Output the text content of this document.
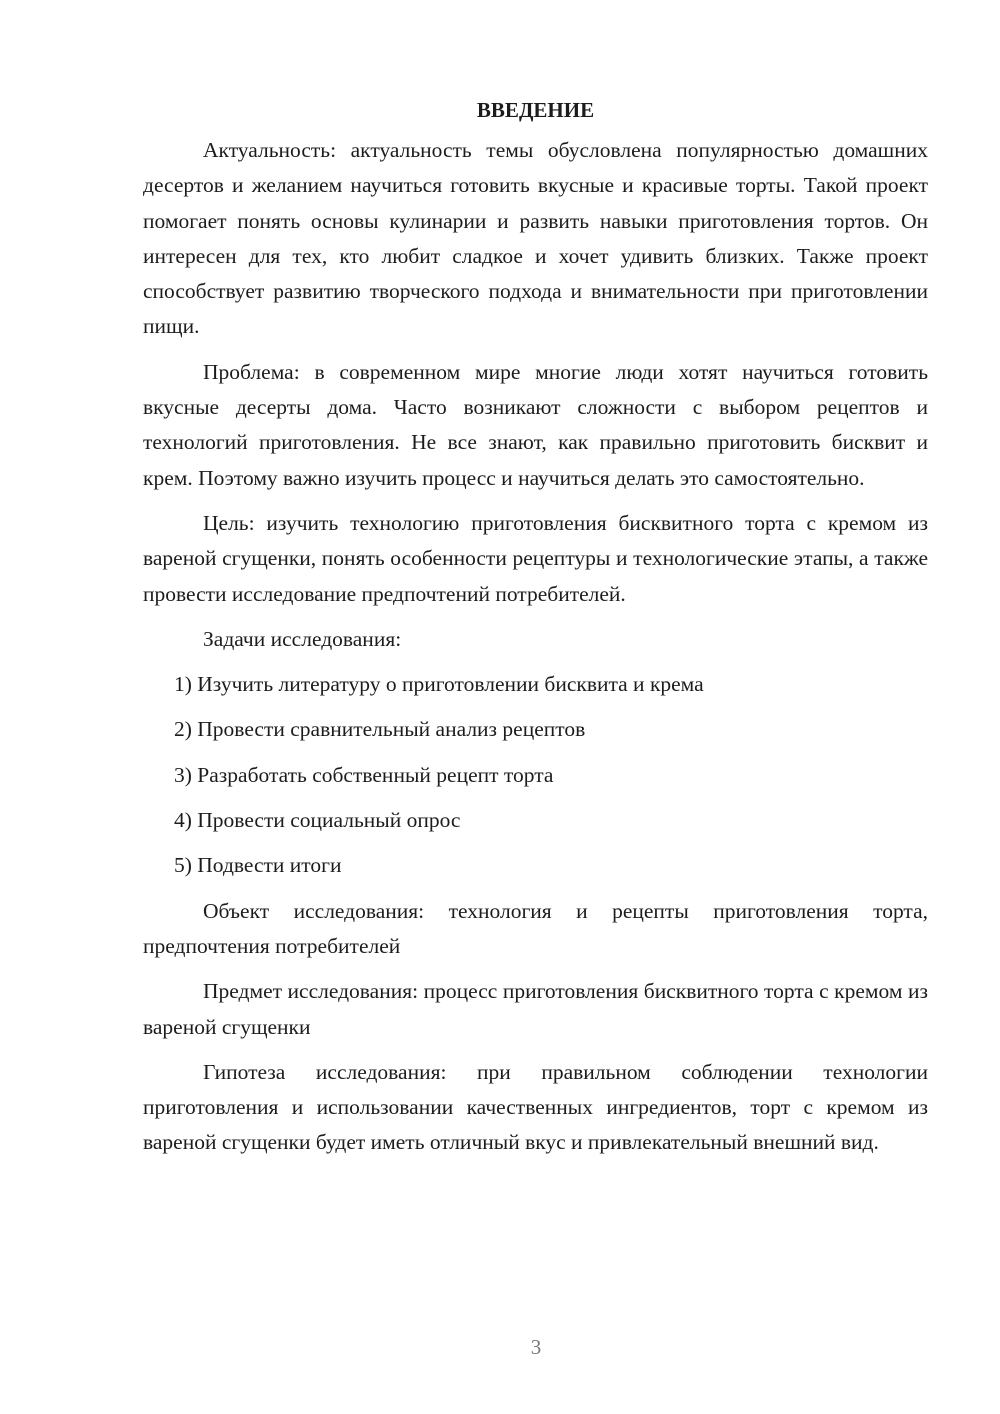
ВВЕДЕНИЕ

Актуальность: актуальность темы обусловлена популярностью домашних десертов и желанием научиться готовить вкусные и красивые торты. Такой проект помогает понять основы кулинарии и развить навыки приготовления тортов. Он интересен для тех, кто любит сладкое и хочет удивить близких. Также проект способствует развитию творческого подхода и внимательности при приготовлении пищи.

Проблема: в современном мире многие люди хотят научиться готовить вкусные десерты дома. Часто возникают сложности с выбором рецептов и технологий приготовления. Не все знают, как правильно приготовить бисквит и крем. Поэтому важно изучить процесс и научиться делать это самостоятельно.

Цель: изучить технологию приготовления бисквитного торта с кремом из вареной сгущенки, понять особенности рецептуры и технологические этапы, а также провести исследование предпочтений потребителей.

Задачи исследования:

1) Изучить литературу о приготовлении бисквита и крема
2) Провести сравнительный анализ рецептов
3) Разработать собственный рецепт торта
4) Провести социальный опрос
5) Подвести итоги

Объект исследования: технология и рецепты приготовления торта, предпочтения потребителей

Предмет исследования: процесс приготовления бисквитного торта с кремом из вареной сгущенки

Гипотеза исследования: при правильном соблюдении технологии приготовления и использовании качественных ингредиентов, торт с кремом из вареной сгущенки будет иметь отличный вкус и привлекательный внешний вид.

3
